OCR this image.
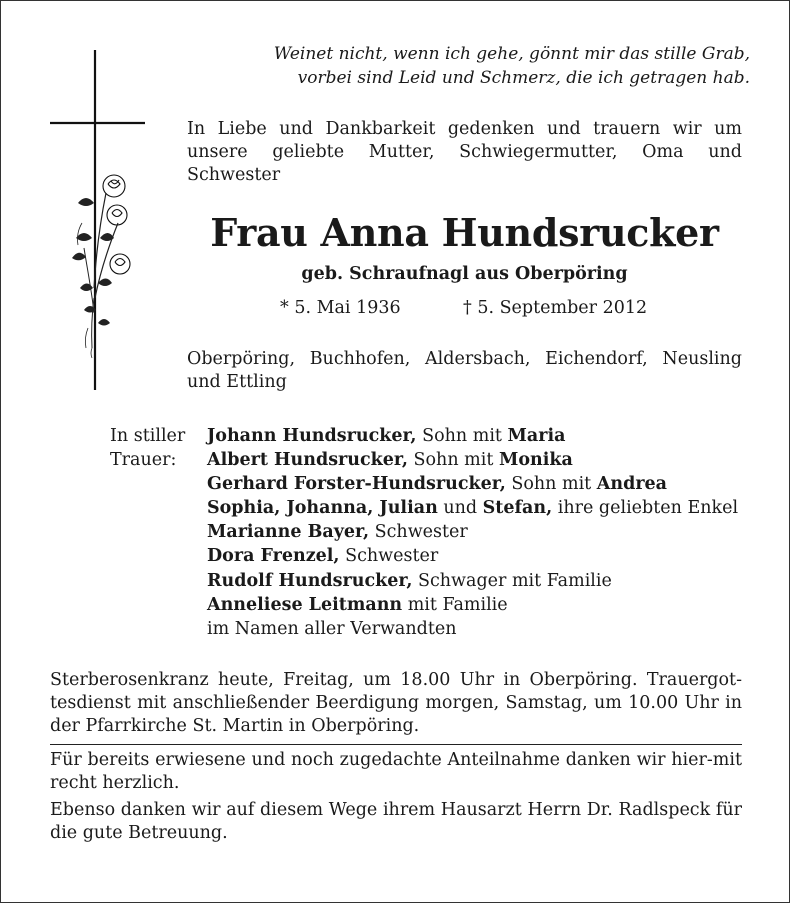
Weinet nicht, wenn ich gehe, gönnt mir das stille Grab,
vorbei sind Leid und Schmerz, die ich getragen hab.
In Liebe und Dankbarkeit gedenken und trauern wir um unsere geliebte Mutter, Schwiegermutter, Oma und Schwester
Frau Anna Hundsrucker
geb. Schraufnagl aus Oberpöring
* 5. Mai 1936	† 5. September 2012
Oberpöring, Buchhofen, Aldersbach, Eichendorf, Neusling und Ettling
In stiller
Trauer:
Johann Hundsrucker, Sohn mit Maria
Albert Hundsrucker, Sohn mit Monika
Gerhard Forster-Hundsrucker, Sohn mit Andrea
Sophia, Johanna, Julian und Stefan, ihre geliebten Enkel
Marianne Bayer, Schwester
Dora Frenzel, Schwester
Rudolf Hundsrucker, Schwager mit Familie
Anneliese Leitmann mit Familie
im Namen aller Verwandten
Sterberosenkranz heute, Freitag, um 18.00 Uhr in Oberpöring. Trauergot-tesdienst mit anschließender Beerdigung morgen, Samstag, um 10.00 Uhr in der Pfarrkirche St. Martin in Oberpöring.
Für bereits erwiesene und noch zugedachte Anteilnahme danken wir hier-mit recht herzlich.
Ebenso danken wir auf diesem Wege ihrem Hausarzt Herrn Dr. Radlspeck für die gute Betreuung.
